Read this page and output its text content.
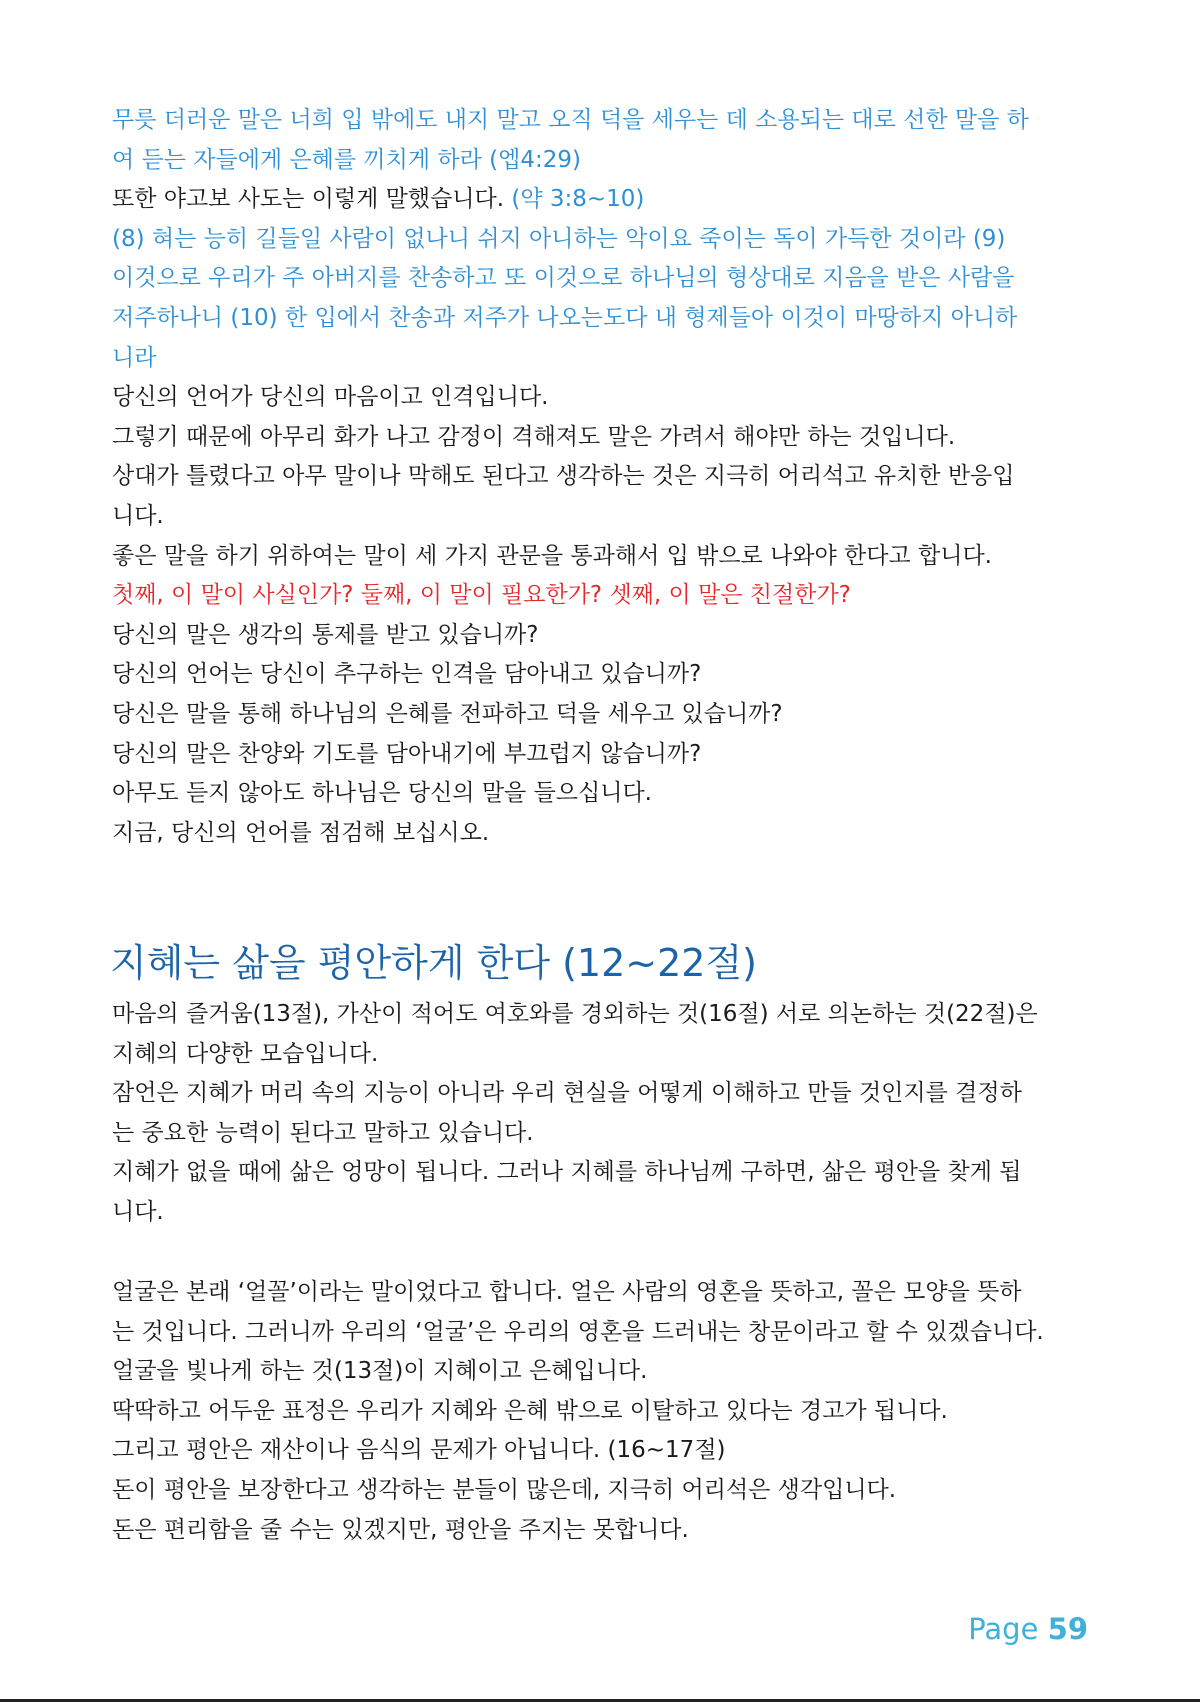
무릇 더러운 말은 너희 입 밖에도 내지 말고 오직 덕을 세우는 데 소용되는 대로 선한 말을 하

여 듣는 자들에게 은혜를 끼치게 하라 (엡4:29)

또한 야고보 사도는 이렇게 말했습니다. (약 3:8~10)

(8) 혀는 능히 길들일 사람이 없나니 쉬지 아니하는 악이요 죽이는 독이 가득한 것이라 (9)

이것으로 우리가 주 아버지를 찬송하고 또 이것으로 하나님의 형상대로 지음을 받은 사람을

저주하나니 (10) 한 입에서 찬송과 저주가 나오는도다 내 형제들아 이것이 마땅하지 아니하

니라

당신의 언어가 당신의 마음이고 인격입니다.

그렇기 때문에 아무리 화가 나고 감정이 격해져도 말은 가려서 해야만 하는 것입니다.

상대가 틀렸다고 아무 말이나 막해도 된다고 생각하는 것은 지극히 어리석고 유치한 반응입

니다.

좋은 말을 하기 위하여는 말이 세 가지 관문을 통과해서 입 밖으로 나와야 한다고 합니다.

첫째, 이 말이 사실인가? 둘째, 이 말이 필요한가? 셋째, 이 말은 친절한가?

당신의 말은 생각의 통제를 받고 있습니까?

당신의 언어는 당신이 추구하는 인격을 담아내고 있습니까?

당신은 말을 통해 하나님의 은혜를 전파하고 덕을 세우고 있습니까?

당신의 말은 찬양와 기도를 담아내기에 부끄럽지 않습니까?

아무도 듣지 않아도 하나님은 당신의 말을 들으십니다.

지금, 당신의 언어를 점검해 보십시오.

지혜는 삶을 평안하게 한다 (12~22절)

마음의 즐거움(13절), 가산이 적어도 여호와를 경외하는 것(16절) 서로 의논하는 것(22절)은

지혜의 다양한 모습입니다.

잠언은 지혜가 머리 속의 지능이 아니라 우리 현실을 어떻게 이해하고 만들 것인지를 결정하

는 중요한 능력이 된다고 말하고 있습니다.

지혜가 없을 때에 삶은 엉망이 됩니다. 그러나 지혜를 하나님께 구하면, 삶은 평안을 찾게 됩

니다.

얼굴은 본래 ‘얼꼴’이라는 말이었다고 합니다. 얼은 사람의 영혼을 뜻하고, 꼴은 모양을 뜻하

는 것입니다. 그러니까 우리의 ‘얼굴’은 우리의 영혼을 드러내는 창문이라고 할 수 있겠습니다.

얼굴을 빛나게 하는 것(13절)이 지혜이고 은혜입니다.

딱딱하고 어두운 표정은 우리가 지혜와 은혜 밖으로 이탈하고 있다는 경고가 됩니다.

그리고 평안은 재산이나 음식의 문제가 아닙니다. (16~17절)

돈이 평안을 보장한다고 생각하는 분들이 많은데, 지극히 어리석은 생각입니다.

돈은 편리함을 줄 수는 있겠지만, 평안을 주지는 못합니다.

Page 59
